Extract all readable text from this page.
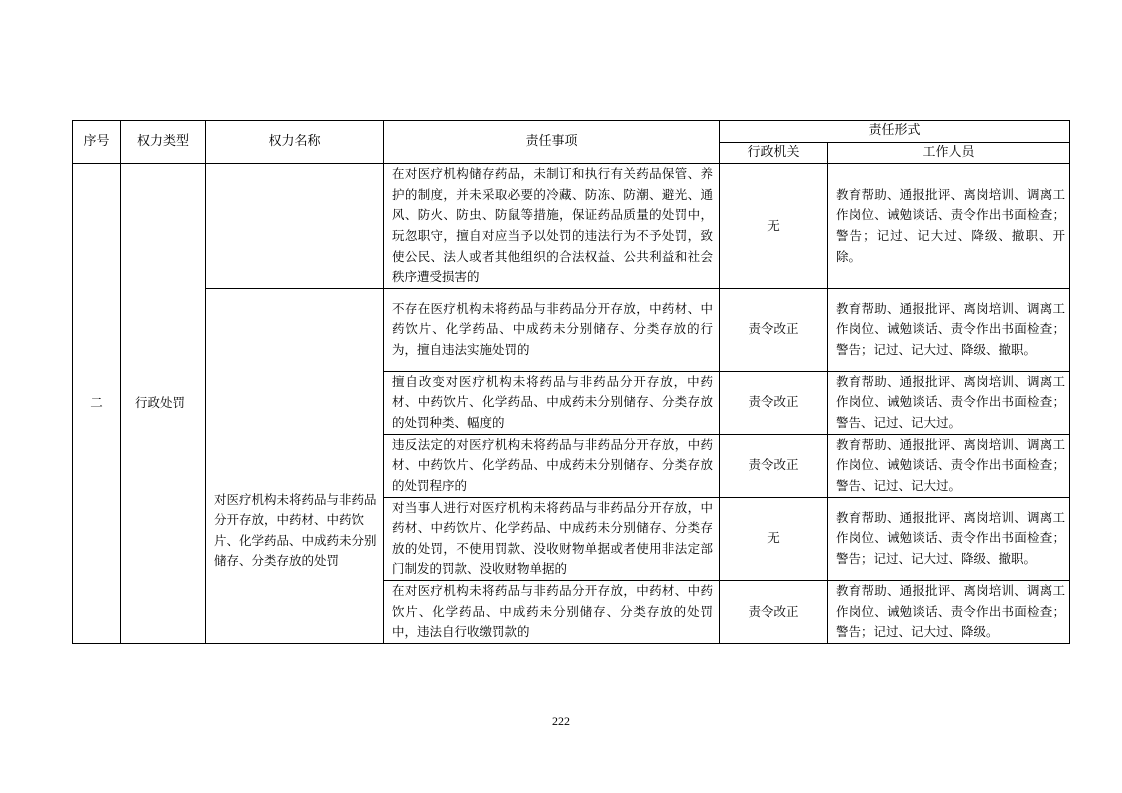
序号	权力类型	权力名称	责任事项	责任形式	
				行政机关	工作人员
二	行政处罚		在对医疗机构储存药品，未制订和执行有关药品保管、养护的制度，并未采取必要的冷藏、防冻、防潮、避光、通风、防火、防虫、防鼠等措施，保证药品质量的处罚中，玩忽职守，擅自对应当予以处罚的违法行为不予处罚，致使公民、法人或者其他组织的合法权益、公共利益和社会秩序遭受损害的	无	教育帮助、通报批评、离岗培训、调离工作岗位、诫勉谈话、责令作出书面检查；警告；记过、记大过、降级、撤职、开除。

		对医疗机构未将药品与非药品分开存放，中药材、中药饮片、化学药品、中成药未分别储存、分类存放的处罚	不存在医疗机构未将药品与非药品分开存放，中药材、中药饮片、化学药品、中成药未分别储存、分类存放的行为，擅自违法实施处罚的	责令改正	教育帮助、通报批评、离岗培训、调离工作岗位、诫勉谈话、责令作出书面检查；警告；记过、记大过、降级、撤职。
			擅自改变对医疗机构未将药品与非药品分开存放，中药材、中药饮片、化学药品、中成药未分别储存、分类存放的处罚种类、幅度的	责令改正	教育帮助、通报批评、离岗培训、调离工作岗位、诫勉谈话、责令作出书面检查；警告、记过、记大过。
			违反法定的对医疗机构未将药品与非药品分开存放，中药材、中药饮片、化学药品、中成药未分别储存、分类存放的处罚程序的	责令改正	教育帮助、通报批评、离岗培训、调离工作岗位、诫勉谈话、责令作出书面检查；警告、记过、记大过。
			对当事人进行对医疗机构未将药品与非药品分开存放，中药材、中药饮片、化学药品、中成药未分别储存、分类存放的处罚，不使用罚款、没收财物单据或者使用非法定部门制发的罚款、没收财物单据的	无	教育帮助、通报批评、离岗培训、调离工作岗位、诫勉谈话、责令作出书面检查；警告；记过、记大过、降级、撤职。
			在对医疗机构未将药品与非药品分开存放，中药材、中药饮片、化学药品、中成药未分别储存、分类存放的处罚中，违法自行收缴罚款的	责令改正	教育帮助、通报批评、离岗培训、调离工作岗位、诫勉谈话、责令作出书面检查；警告；记过、记大过、降级。
222
